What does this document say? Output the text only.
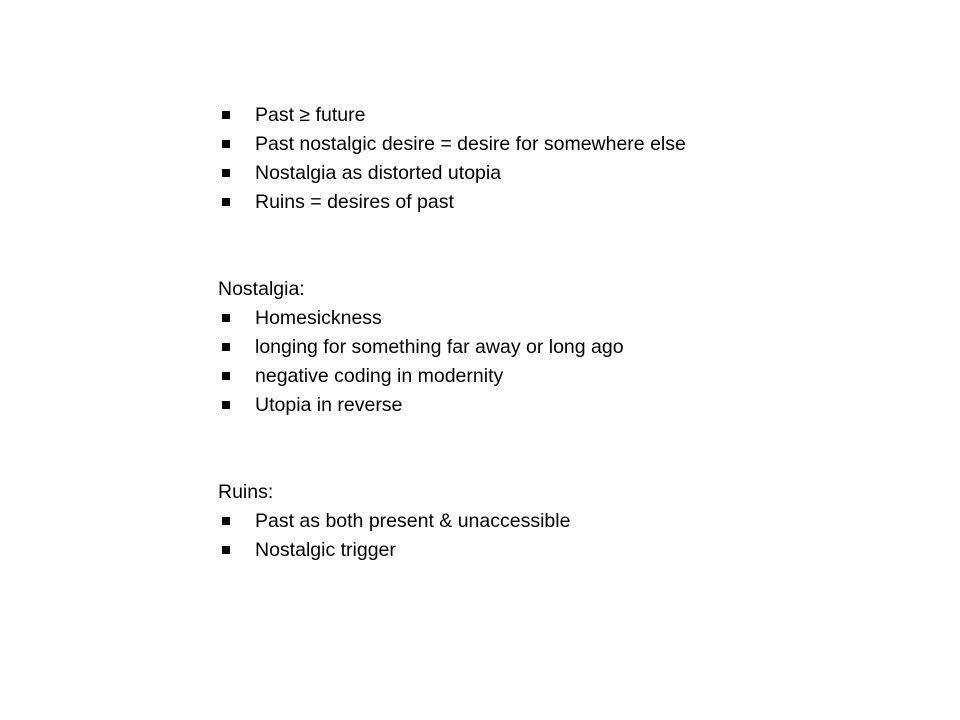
Past ≥ future
Past nostalgic desire = desire for somewhere else
Nostalgia as distorted utopia
Ruins = desires of past
Nostalgia:
Homesickness
longing for something far away or long ago
negative coding in modernity
Utopia in reverse
Ruins:
Past as both present & unaccessible
Nostalgic trigger
